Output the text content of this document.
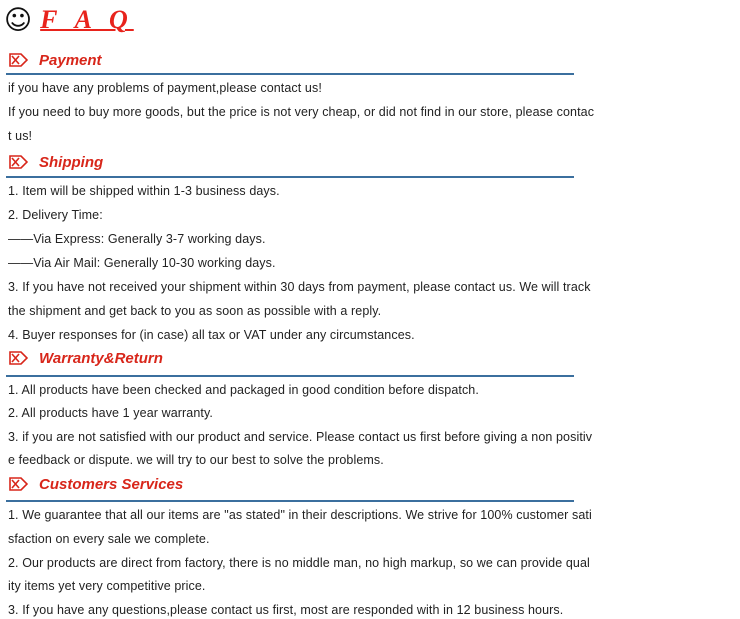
☺ F A Q
Payment
if you have any problems of payment,please contact us!
If you need to buy more goods, but the price is not very cheap, or did not find in our store, please contac
t us!
Shipping
1. Item will be shipped within 1-3 business days.
2. Delivery Time:
——Via Express: Generally 3-7 working days.
——Via Air Mail: Generally 10-30 working days.
3. If you have not received your shipment within 30 days from payment, please contact us. We will track
the shipment and get back to you as soon as possible with a reply.
4. Buyer responses for (in case) all tax or VAT under any circumstances.
Warranty&Return
1. All products have been checked and packaged in good condition before dispatch.
2. All products have 1 year warranty.
3. if you are not satisfied with our product and service. Please contact us first before giving a non positiv
e feedback or dispute. we will try to our best to solve the problems.
Customers Services
1. We guarantee that all our items are "as stated" in their descriptions. We strive for 100% customer sati
sfaction on every sale we complete.
2. Our products are direct from factory, there is no middle man, no high markup, so we can provide qual
ity items yet very competitive price.
3. If you have any questions,please contact us first, most are responded with in 12 business hours.
